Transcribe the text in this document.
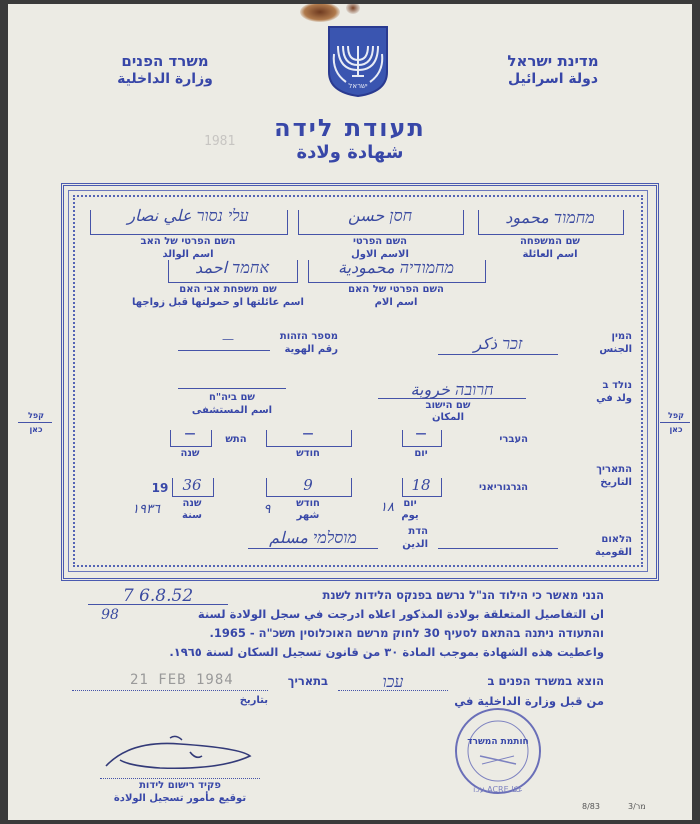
מדינת ישראל
دولة اسرائيل
משרד הפנים
وزارة الداخلية	ישראל
1981	תעודת לידה
شهادة ولادة
קפל
כאן
קפל
כאן
מחמוד محمود
שם המשפחה
اسم العائلة
חסן حسن
השם הפרטי
الاسم الاول
עלי נסור علي نصار
השם הפרטי של האב
اسم الوالد
מחמודיה محمودية
השם הפרטי של האם
اسم الام
אחמד احمد
שם משפחת אבי האם
اسم عائلتها او حمولتها قبل زواجها
המין
الجنس
זכר ذكر
מספר הזהות
رقم الهوية
—
נולד ב
ولد في
חרובה خروبة
שם הישוב
المكان
שם ביה"ח
اسم المستشفى
העברי
—
יום
—
חודש
התש
—
שנה
התאריך
التاريخ
הגרגוריאני
18
יום
يوم
١٨
9
חודש
شهر
٩
19 36
שנה
سنة
١٩٣٦
הדת
الدين
מוסלמי مسلم	הלאום
القومية
הנני מאשר כי הילוד הנ"ל נרשם בפנקס הלידות לשנת
7 6.8.52
ان التفاصيل المتعلقة بولادة المذكور اعلاه ادرجت في سجل الولادة لسنة
98
והתעודה ניתנה בהתאם לסעיף 30 לחוק מרשם האוכלוסין תשכ"ה - 1965.
واعطيت هذه الشهادة بموجب المادة ٣٠ من قانون تسجيل السكان لسنة ١٩٦٥.
הוצא במשרד הפנים ב
עכו
בתאריך
21 FEB 1984
بتاريخ	من قبل وزارة الداخلية في
חותמת המשרד
עכו ACRE عكا
פקיד רישום לידות
توقيع مأمور تسجيل الولادة
8/83	מר/3
